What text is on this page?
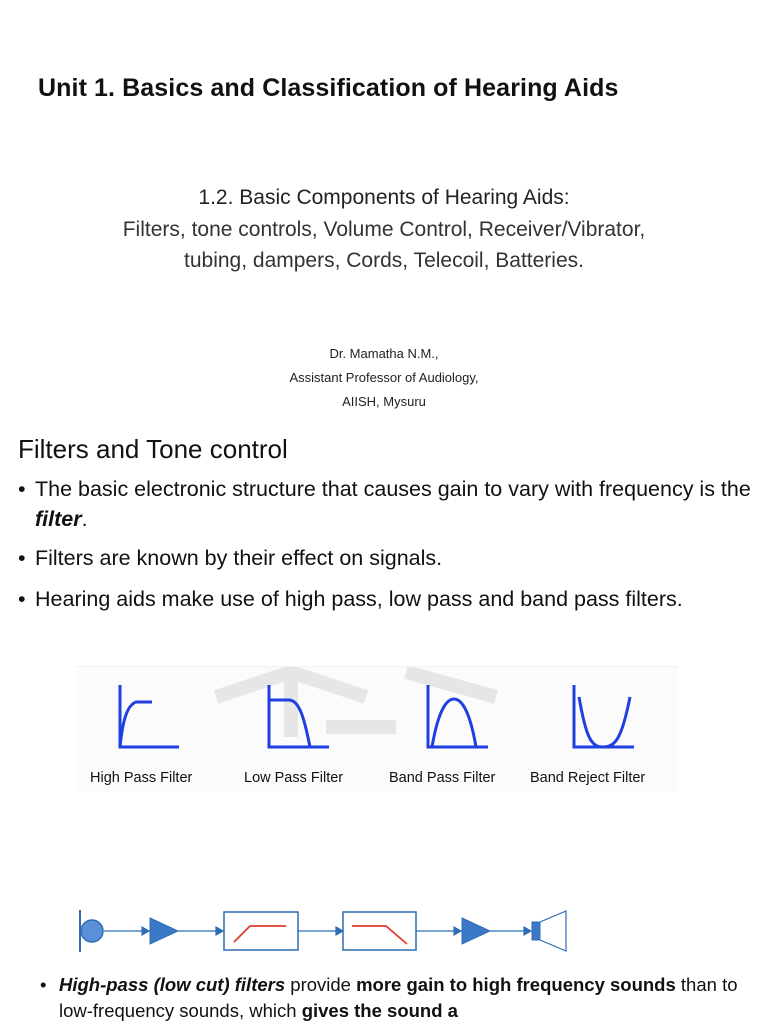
Unit 1. Basics and Classification of Hearing Aids
1.2. Basic Components of Hearing Aids:
Filters, tone controls, Volume Control, Receiver/Vibrator,
tubing, dampers, Cords, Telecoil, Batteries.
Dr. Mamatha N.M.,
Assistant Professor of Audiology,
AIISH, Mysuru
Filters and Tone control
• The basic electronic structure that causes gain to vary with frequency is the filter.
• Filters are known by their effect on signals.
• Hearing aids make use of high pass, low pass and band pass filters.
High Pass Filter	Low Pass Filter	Band Pass Filter Band Reject Filter
• High-pass (low cut) filters provide more gain to high frequency sounds than to low-frequency sounds, which gives the sound a
